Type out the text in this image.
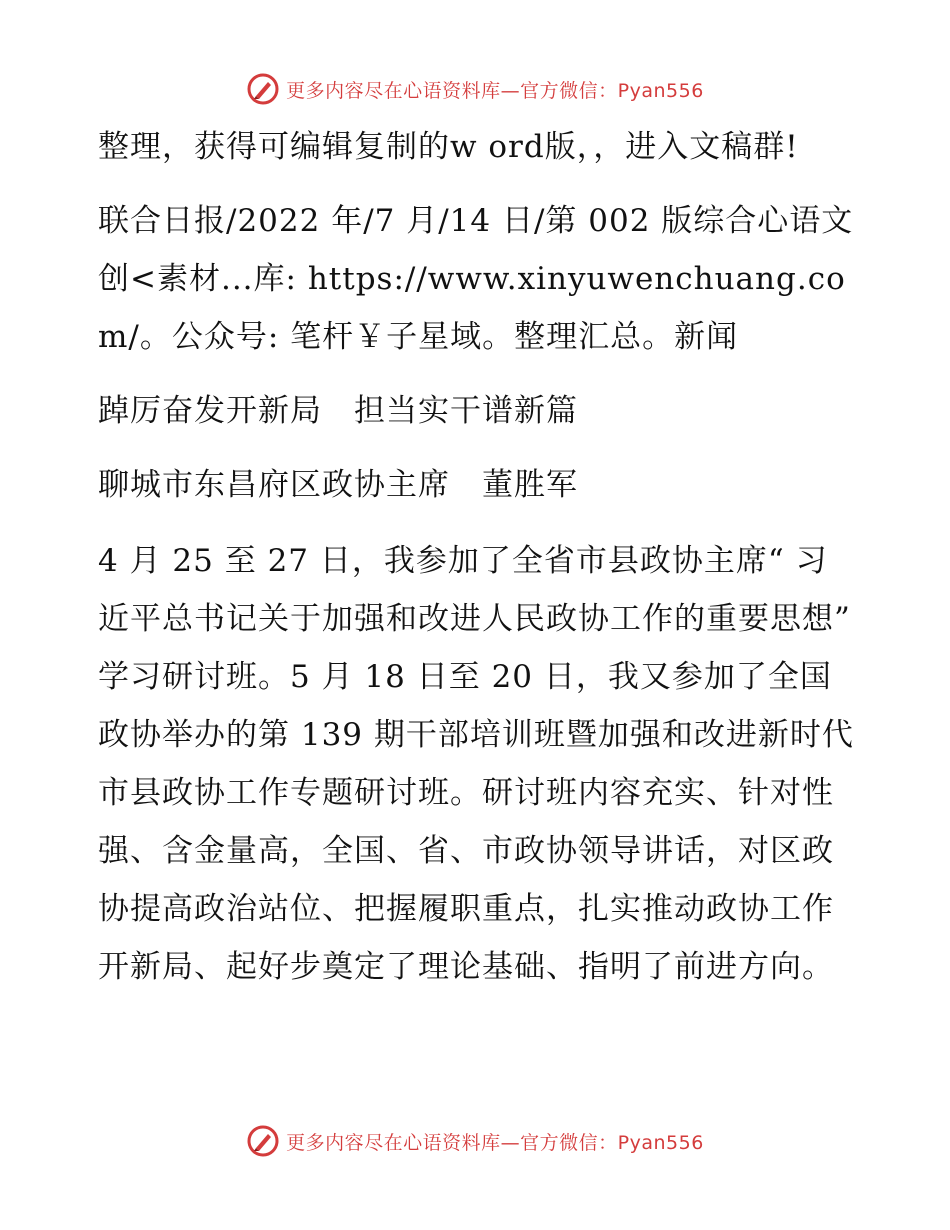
更多内容尽在心语资料库—官方微信：Pyan556

整理，获得可编辑复制的w ord版，，进入文稿群!

联合日报/2022 年/7 月/14 日/第 002 版综合心语文创<素材...库: https://www.xinyuwenchuang.com/。公众号: 笔杆￥子星域。整理汇总。新闻

踔厉奋发开新局　担当实干谱新篇

聊城市东昌府区政协主席　董胜军

4 月 25 至 27 日，我参加了全省市县政协主席“ 习近平总书记关于加强和改进人民政协工作的重要思想” 学习研讨班。5 月 18 日至 20 日，我又参加了全国政协举办的第 139 期干部培训班暨加强和改进新时代市县政协工作专题研讨班。研讨班内容充实、针对性强、含金量高，全国、省、市政协领导讲话，对区政协提高政治站位、把握履职重点，扎实推动政协工作开新局、起好步奠定了理论基础、指明了前进方向。

更多内容尽在心语资料库—官方微信：Pyan556
